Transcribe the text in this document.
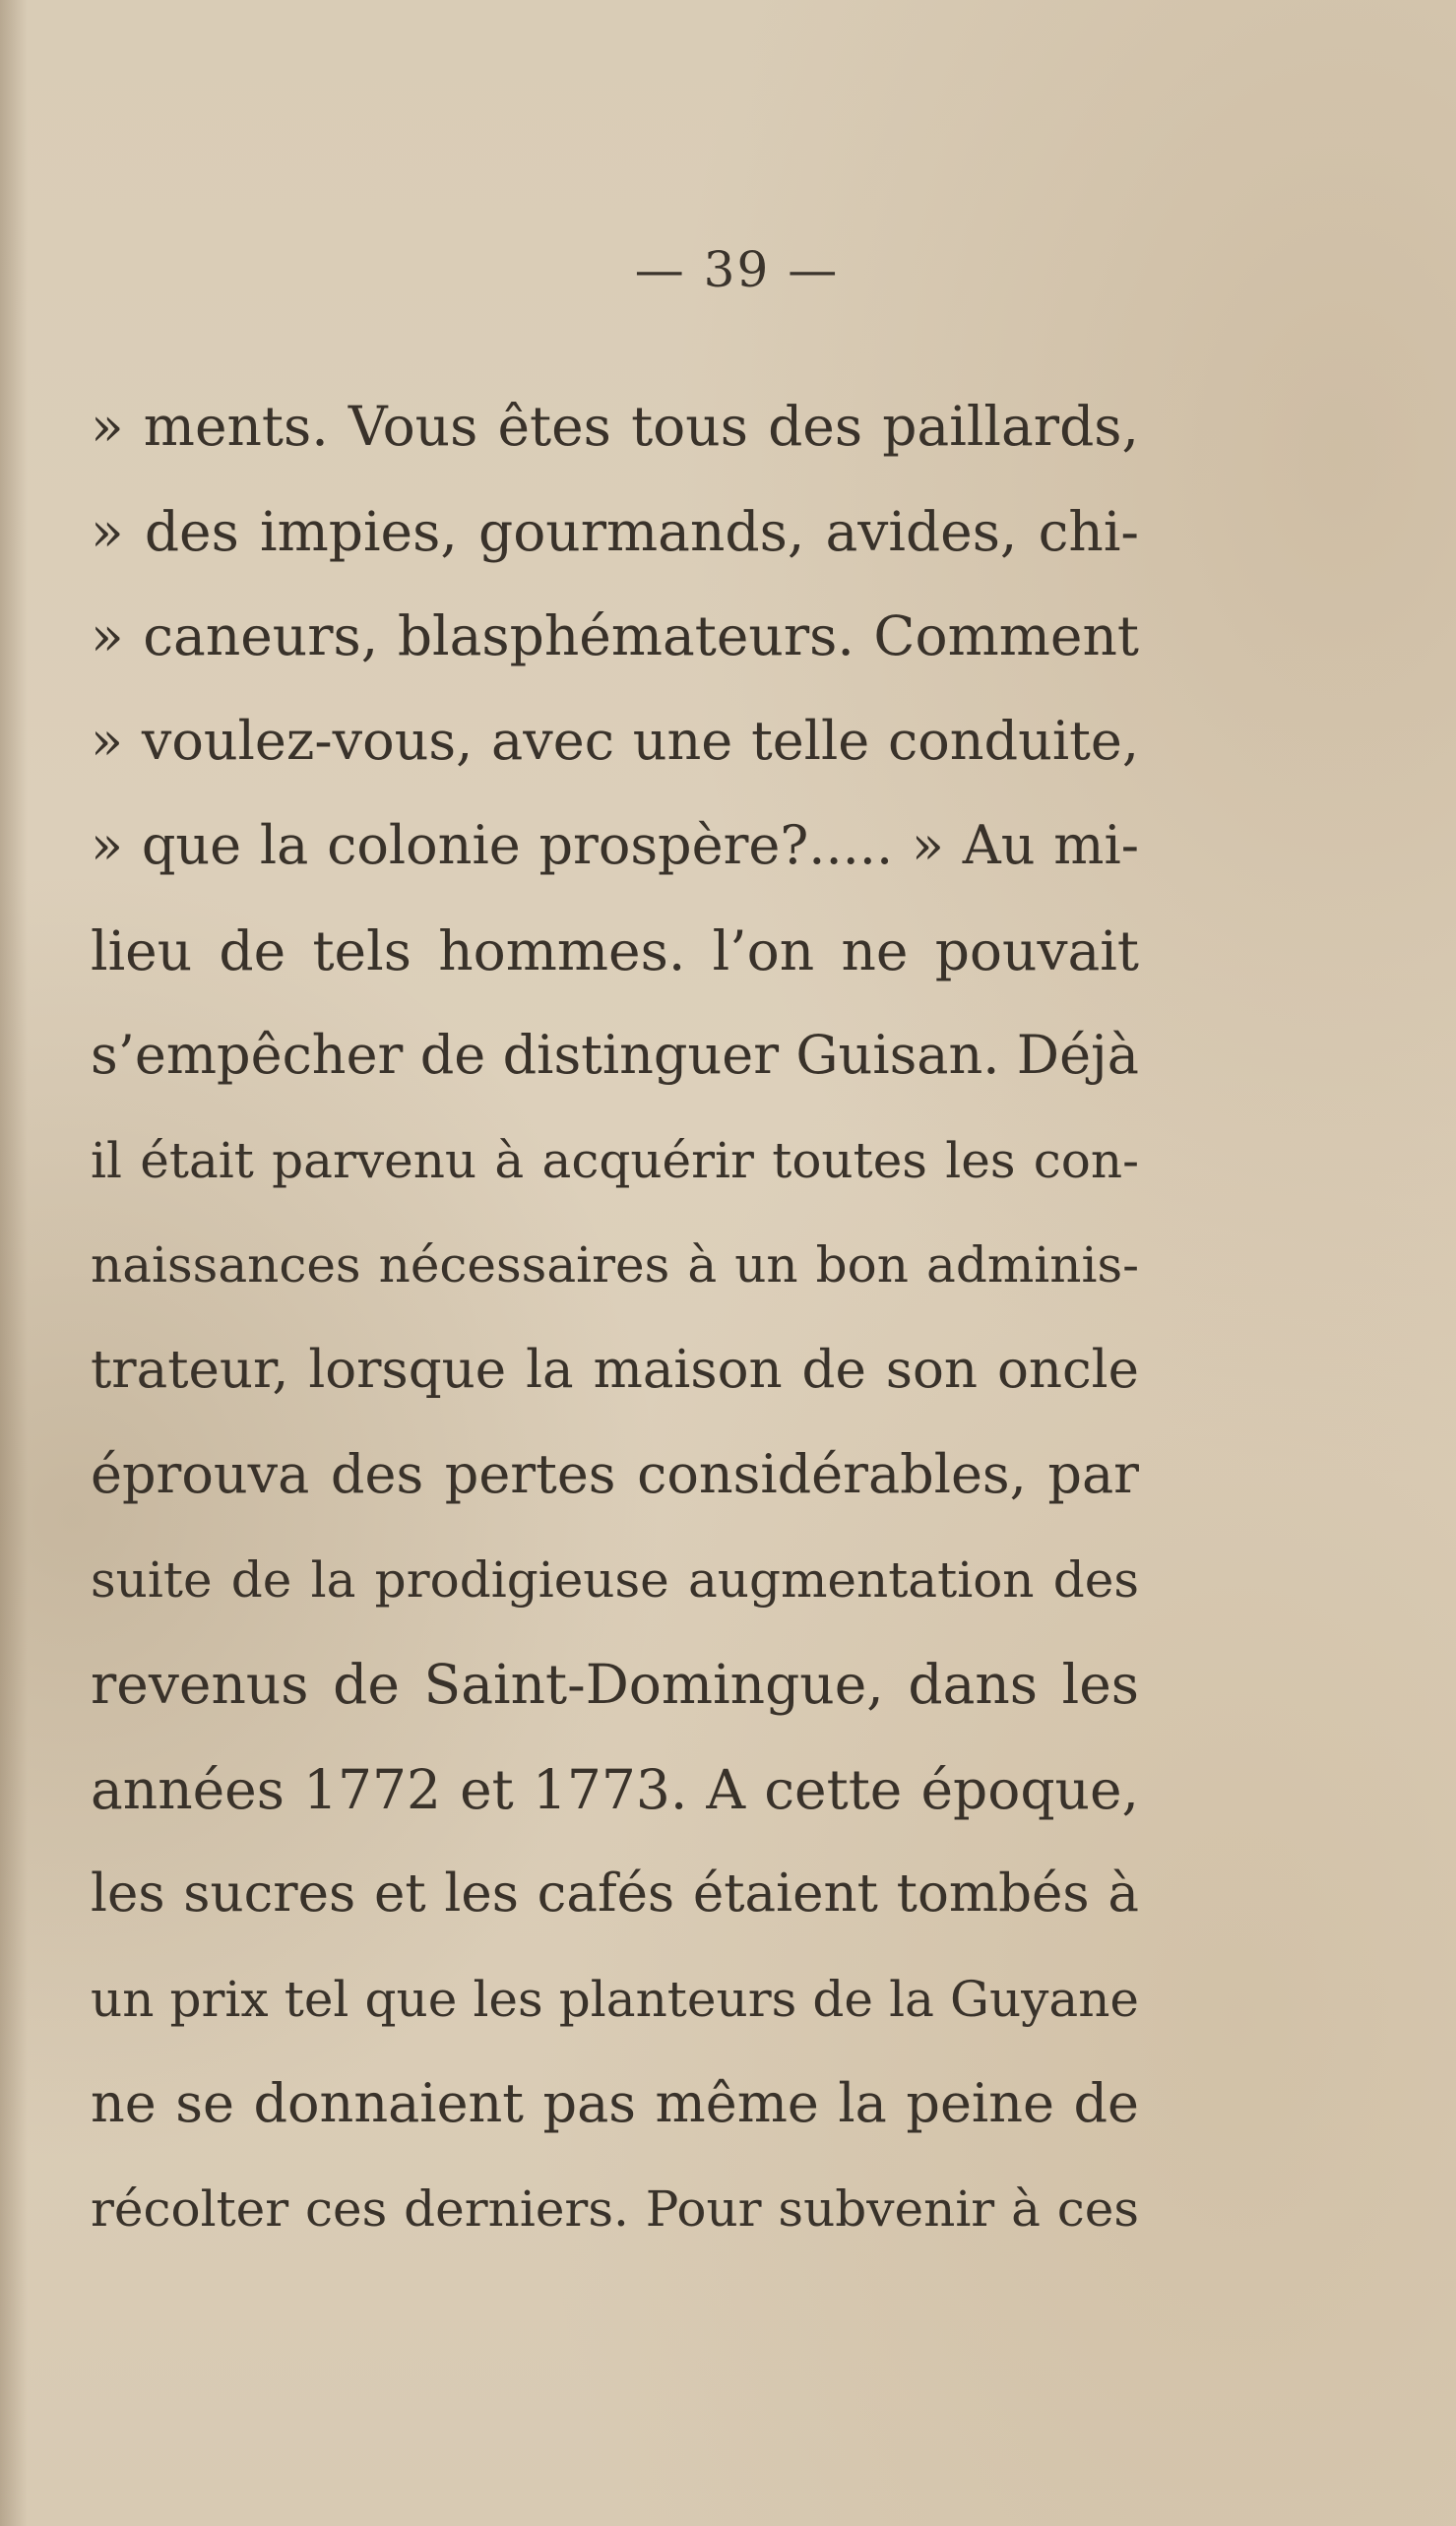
— 39 —

» ments. Vous êtes tous des paillards,
» des impies, gourmands, avides, chi-
» caneurs, blasphémateurs. Comment
» voulez-vous, avec une telle conduite,
» que la colonie prospère?..... » Au mi-
lieu de tels hommes. l’on ne pouvait
s’empêcher de distinguer Guisan. Déjà
il était parvenu à acquérir toutes les con-
naissances nécessaires à un bon adminis-
trateur, lorsque la maison de son oncle
éprouva des pertes considérables, par
suite de la prodigieuse augmentation des
revenus de Saint-Domingue, dans les
années 1772 et 1773. A cette époque,
les sucres et les cafés étaient tombés à
un prix tel que les planteurs de la Guyane
ne se donnaient pas même la peine de
récolter ces derniers. Pour subvenir à ces
